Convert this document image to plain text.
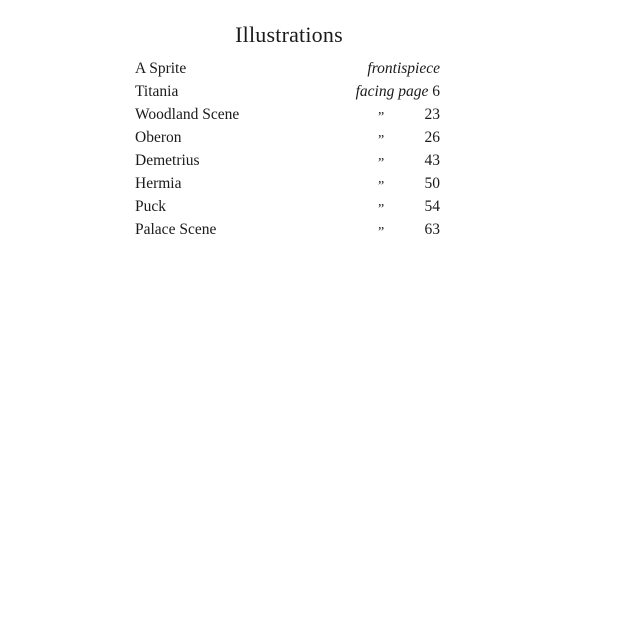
Illustrations
A Sprite	frontispiece
Titania	facing page 6
Woodland Scene	”	23
Oberon	”	26
Demetrius	”	43
Hermia	”	50
Puck	”	54
Palace Scene	”	63
